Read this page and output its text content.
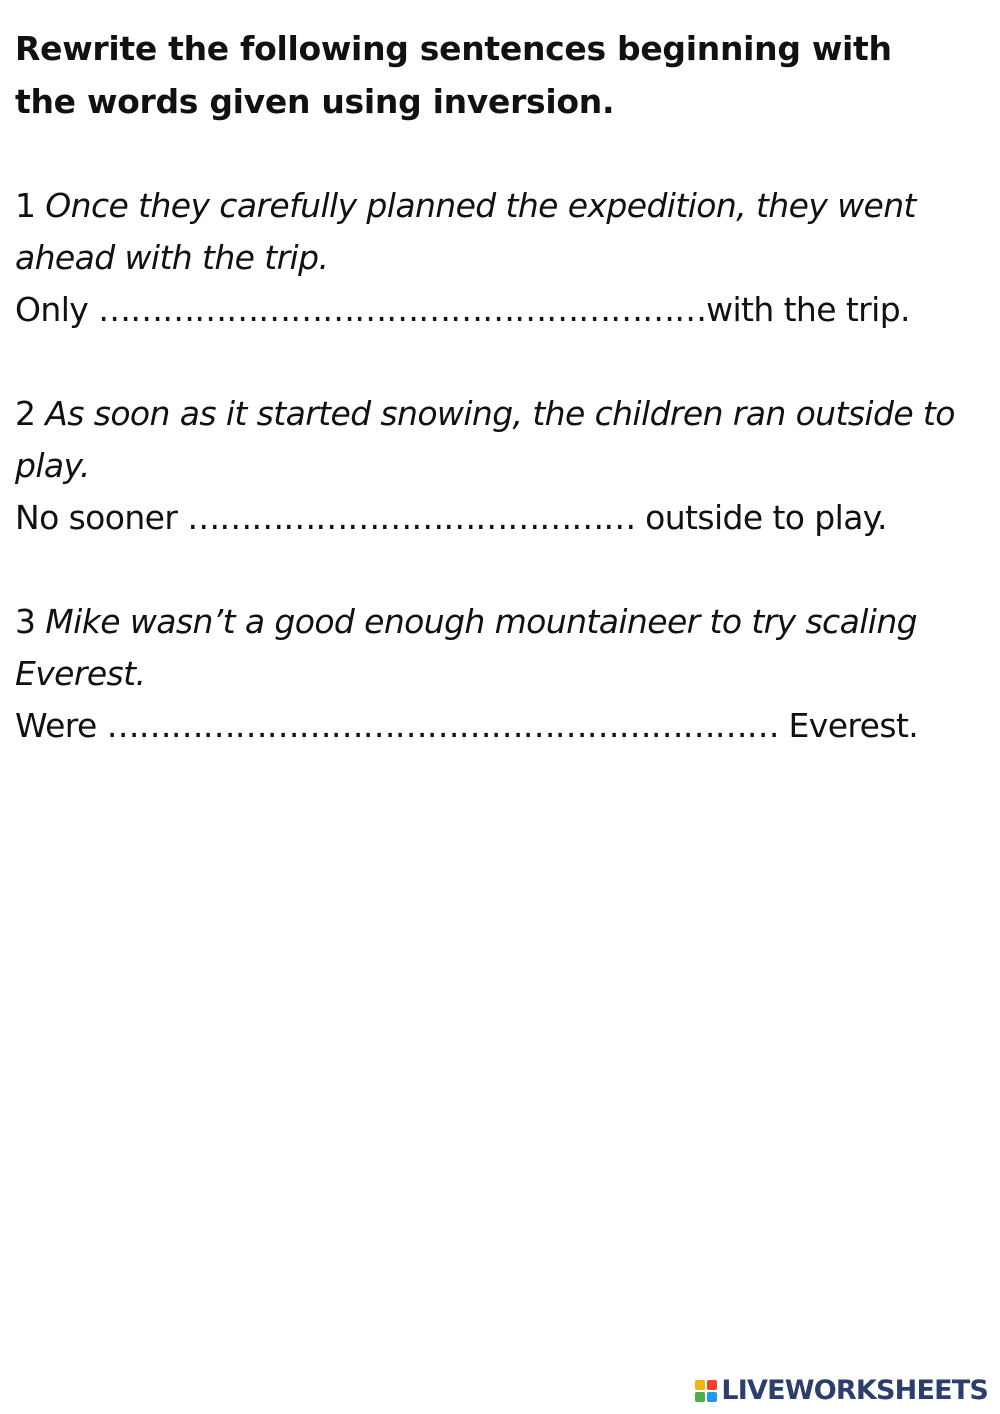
Rewrite the following sentences beginning with
the words given using inversion.

1 Once they carefully planned the expedition, they went ahead with the trip.

Only …………………………………………………with the trip.

2 As soon as it started snowing, the children ran outside to play.

No sooner …………………………………… outside to play.

3 Mike wasn’t a good enough mountaineer to try scaling Everest.

Were ……………………………………………………… Everest.

LIVEWORKSHEETS
